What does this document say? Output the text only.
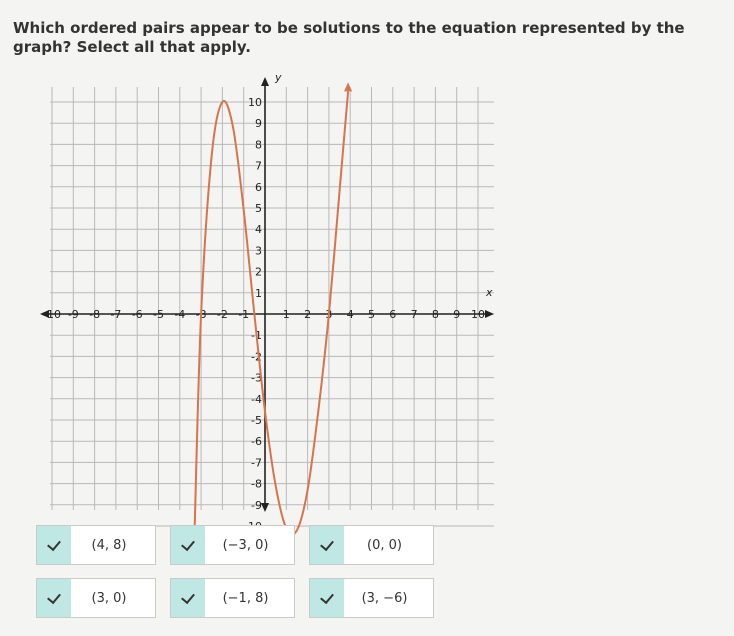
Which ordered pairs appear to be solutions to the equation represented by the graph? Select all that apply.
x
y
-10 -9 -8 -7 -6 -5 -4 -3 -2 -1	1 2 3 4 5 6 7 8 9 10
10
9
8
7
6
5
4
3
2
1
-1
-2
-3
-4
-5
-6
-7
-8
-9
(4, 8)	(−3, 0)	(0, 0)
(3, 0)	(−1, 8)	(3, −6)
